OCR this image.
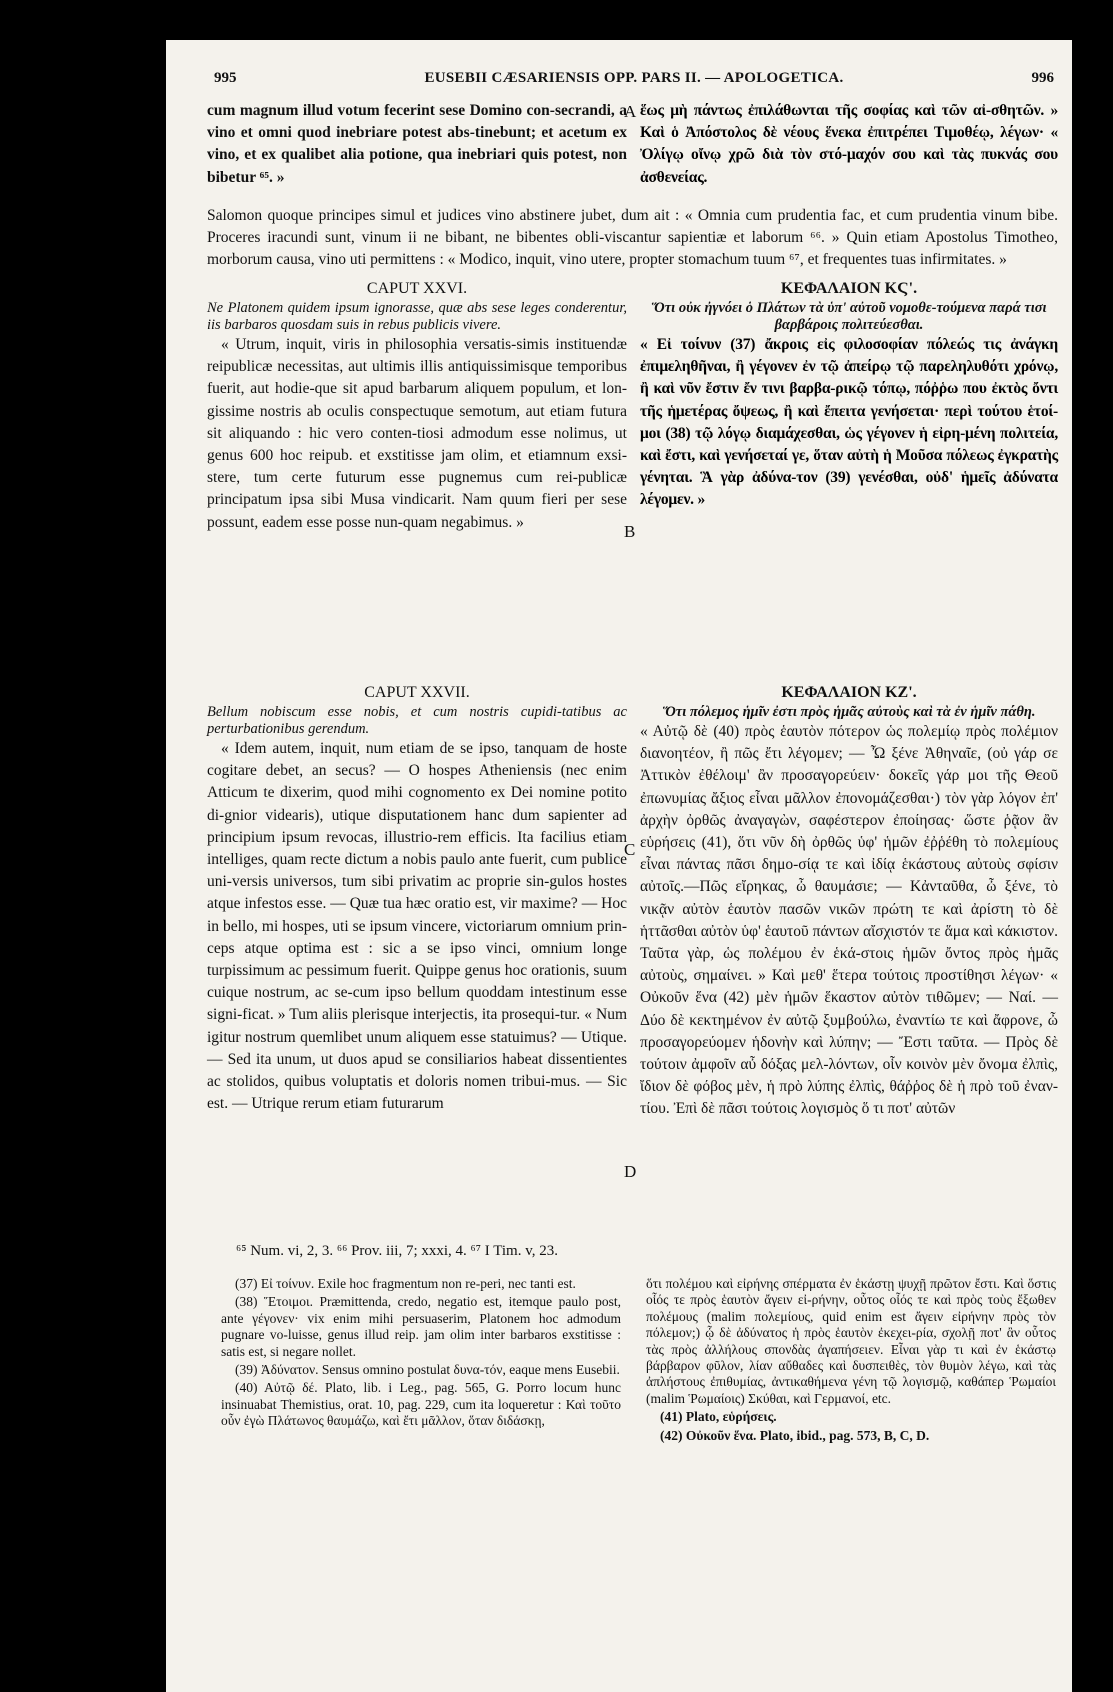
995	EUSEBII CÆSARIENSIS OPP. PARS II. — APOLOGETICA.	996

cum magnum illud votum fecerint sese Domino con-secrandi, a vino et omni quod inebriare potest abs-tinebunt; et acetum ex vino, et ex qualibet alia potione, qua inebriari quis potest, non bibetur ⁶⁵. »

ἕως μὴ πάντως ἐπιλάθωνται τῆς σοφίας καὶ τῶν αἰ-σθητῶν. » Καὶ ὁ Ἀπόστολος δὲ νέους ἕνεκα ἐπιτρέπει Τιμοθέῳ, λέγων· « Ὀλίγῳ οἴνῳ χρῶ διὰ τὸν στό-μαχόν σου καὶ τὰς πυκνάς σου ἀσθενείας.

A

Salomon quoque principes simul et judices vino abstinere jubet, dum ait : « Omnia cum prudentia fac, et cum prudentia vinum bibe. Proceres iracundi sunt, vinum ii ne bibant, ne bibentes obli-viscantur sapientiæ et laborum ⁶⁶. » Quin etiam Apostolus Timotheo, morborum causa, vino uti permittens : « Modico, inquit, vino utere, propter stomachum tuum ⁶⁷, et frequentes tuas infirmitates. »

CAPUT XXVI.

Ne Platonem quidem ipsum ignorasse, quæ abs sese leges conderentur, iis barbaros quosdam suis in rebus publicis vivere.

« Utrum, inquit, viris in philosophia versatis-simis instituendæ reipublicæ necessitas, aut ultimis illis antiquissimisque temporibus fuerit, aut hodie-que sit apud barbarum aliquem populum, et lon-gissime nostris ab oculis conspectuque semotum, aut etiam futura sit aliquando : hic vero conten-tiosi admodum esse nolimus, ut genus 600 hoc reipub. et exstitisse jam olim, et etiamnum exsi-stere, tum certe futurum esse pugnemus cum rei-publicæ principatum ipsa sibi Musa vindicarit. Nam quum fieri per sese possunt, eadem esse posse nun-quam negabimus. »

ΚΕΦΑΛΑΙΟΝ ΚϚ'.

Ὅτι οὐκ ἠγνόει ὁ Πλάτων τὰ ὑπ' αὐτοῦ νομοθε-τούμενα παρά τισι βαρβάροις πολιτεύεσθαι.

« Εἰ τοίνυν (37) ἄκροις εἰς φιλοσοφίαν πόλεώς τις ἀνάγκη ἐπιμεληθῆναι, ἢ γέγονεν ἐν τῷ ἀπείρῳ τῷ παρεληλυθότι χρόνῳ, ἢ καὶ νῦν ἔστιν ἔν τινι βαρβα-ρικῷ τόπῳ, πόῤῥω που ἐκτὸς ὄντι τῆς ἡμετέρας ὄψεως, ἢ καὶ ἔπειτα γενήσεται· περὶ τούτου ἑτοί-μοι (38) τῷ λόγῳ διαμάχεσθαι, ὡς γέγονεν ἡ εἰρη-μένη πολιτεία, καὶ ἔστι, καὶ γενήσεταί γε, ὅταν αὐτὴ ἡ Μοῦσα πόλεως ἐγκρατὴς γένηται. Ἃ γὰρ ἀδύνα-τον (39) γενέσθαι, οὐδ' ἡμεῖς ἀδύνατα λέγομεν. »

B

CAPUT XXVII.

Bellum nobiscum esse nobis, et cum nostris cupidi-tatibus ac perturbationibus gerendum.

« Idem autem, inquit, num etiam de se ipso, tanquam de hoste cogitare debet, an secus? — O hospes Atheniensis (nec enim Atticum te dixerim, quod mihi cognomento ex Dei nomine potito di-gnior videaris), utique disputationem hanc dum sapienter ad principium ipsum revocas, illustrio-rem efficis. Ita facilius etiam intelliges, quam recte dictum a nobis paulo ante fuerit, cum publice uni-versis universos, tum sibi privatim ac proprie sin-gulos hostes atque infestos esse. — Quæ tua hæc oratio est, vir maxime? — Hoc in bello, mi hospes, uti se ipsum vincere, victoriarum omnium prin-ceps atque optima est : sic a se ipso vinci, omnium longe turpissimum ac pessimum fuerit. Quippe genus hoc orationis, suum cuique nostrum, ac se-cum ipso bellum quoddam intestinum esse signi-ficat. » Tum aliis plerisque interjectis, ita prosequi-tur. « Num igitur nostrum quemlibet unum aliquem esse statuimus? — Utique. — Sed ita unum, ut duos apud se consiliarios habeat dissentientes ac stolidos, quibus voluptatis et doloris nomen tribui-mus. — Sic est. — Utrique rerum etiam futurarum

ΚΕΦΑΛΑΙΟΝ ΚΖ'.

Ὅτι πόλεμος ἡμῖν ἐστι πρὸς ἡμᾶς αὐτοὺς καὶ τὰ ἐν ἡμῖν πάθη.

« Αὐτῷ δὲ (40) πρὸς ἑαυτὸν πότερον ὡς πολεμίῳ πρὸς πολέμιον διανοητέον, ἢ πῶς ἔτι λέγομεν; — Ὦ ξένε Ἀθηναῖε, (οὐ γάρ σε Ἀττικὸν ἐθέλοιμ' ἂν προσαγορεύειν· δοκεῖς γάρ μοι τῆς Θεοῦ ἐπωνυμίας ἄξιος εἶναι μᾶλλον ἐπονομάζεσθαι·) τὸν γὰρ λόγον ἐπ' ἀρχὴν ὀρθῶς ἀναγαγὼν, σαφέστερον ἐποίησας· ὥστε ῥᾷον ἂν εὑρήσεις (41), ὅτι νῦν δὴ ὀρθῶς ὑφ' ἡμῶν ἐῤῥέθη τὸ πολεμίους εἶναι πάντας πᾶσι δημο-σίᾳ τε καὶ ἰδίᾳ ἑκάστους αὐτοὺς σφίσιν αὐτοῖς.—Πῶς εἴρηκας, ὦ θαυμάσιε; — Κἀνταῦθα, ὦ ξένε, τὸ νικᾷν αὐτὸν ἑαυτὸν πασῶν νικῶν πρώτη τε καὶ ἀρίστη τὸ δὲ ἡττᾶσθαι αὐτὸν ὑφ' ἑαυτοῦ πάντων αἴσχιστόν τε ἅμα καὶ κάκιστον. Ταῦτα γὰρ, ὡς πολέμου ἐν ἑκά-στοις ἡμῶν ὄντος πρὸς ἡμᾶς αὐτοὺς, σημαίνει. » Καὶ μεθ' ἕτερα τούτοις προστίθησι λέγων· « Οὐκοῦν ἕνα (42) μὲν ἡμῶν ἕκαστον αὐτὸν τιθῶμεν; — Ναί. — Δύο δὲ κεκτημένον ἐν αὐτῷ ξυμβούλω, ἐναντίω τε καὶ ἄφρονε, ὦ προσαγορεύομεν ἡδονὴν καὶ λύπην; — Ἔστι ταῦτα. — Πρὸς δὲ τούτοιν ἀμφοῖν αὖ δόξας μελ-λόντων, οἷν κοινὸν μὲν ὄνομα ἐλπὶς, ἴδιον δὲ φόβος μὲν, ἡ πρὸ λύπης ἐλπὶς, θάῤῥος δὲ ἡ πρὸ τοῦ ἐναν-τίου. Ἐπὶ δὲ πᾶσι τούτοις λογισμὸς ὅ τι ποτ' αὐτῶν

C
D
⁶⁵ Num. vi, 2, 3. ⁶⁶ Prov. iii, 7; xxxi, 4. ⁶⁷ I Tim. v, 23.

(37) Εἰ τοίνυν. Exile hoc fragmentum non re-peri, nec tanti est.

(38) Ἕτοιμοι. Præmittenda, credo, negatio est, itemque paulo post, ante γέγονεν· vix enim mihi persuaserim, Platonem hoc admodum pugnare vo-luisse, genus illud reip. jam olim inter barbaros exstitisse : satis est, si negare nollet.

(39) Ἀδύνατον. Sensus omnino postulat δυνα-τόν, eaque mens Eusebii.

(40) Αὐτῷ δέ. Plato, lib. i Leg., pag. 565, G. Porro locum hunc insinuabat Themistius, orat. 10, pag. 229, cum ita loqueretur : Καὶ τοῦτο οὖν ἐγὼ Πλάτωνος θαυμάζω, καὶ ἔτι μᾶλλον, ὅταν διδάσκῃ,

ὅτι πολέμου καὶ εἰρήνης σπέρματα ἐν ἑκάστῃ ψυχῇ πρῶτον ἔστι. Καὶ ὅστις οἷός τε πρὸς ἑαυτὸν ἄγειν εἰ-ρήνην, οὗτος οἷός τε καὶ πρὸς τοὺς ἔξωθεν πολέμους (malim πολεμίους, quid enim est ἄγειν εἰρήνην πρὸς τὸν πόλεμον;) ᾧ δὲ ἀδύνατος ἡ πρὸς ἑαυτὸν ἐκεχει-ρία, σχολῇ ποτ' ἂν οὗτος τὰς πρὸς ἀλλήλους σπονδὰς ἀγαπήσειεν. Εἶναι γὰρ τι καὶ ἐν ἑκάστῳ βάρβαρον φῦλον, λίαν αὔθαδες καὶ δυσπειθὲς, τὸν θυμὸν λέγω, καὶ τὰς ἀπλήστους ἐπιθυμίας, ἀντικαθήμενα γένη τῷ λογισμῷ, καθάπερ Ῥωμαίοι (malim Ῥωμαίοις) Σκύθαι, καὶ Γερμανοί, etc.

(41) Plato, εὑρήσεις.

(42) Οὐκοῦν ἕνα. Plato, ibid., pag. 573, B, C, D.
